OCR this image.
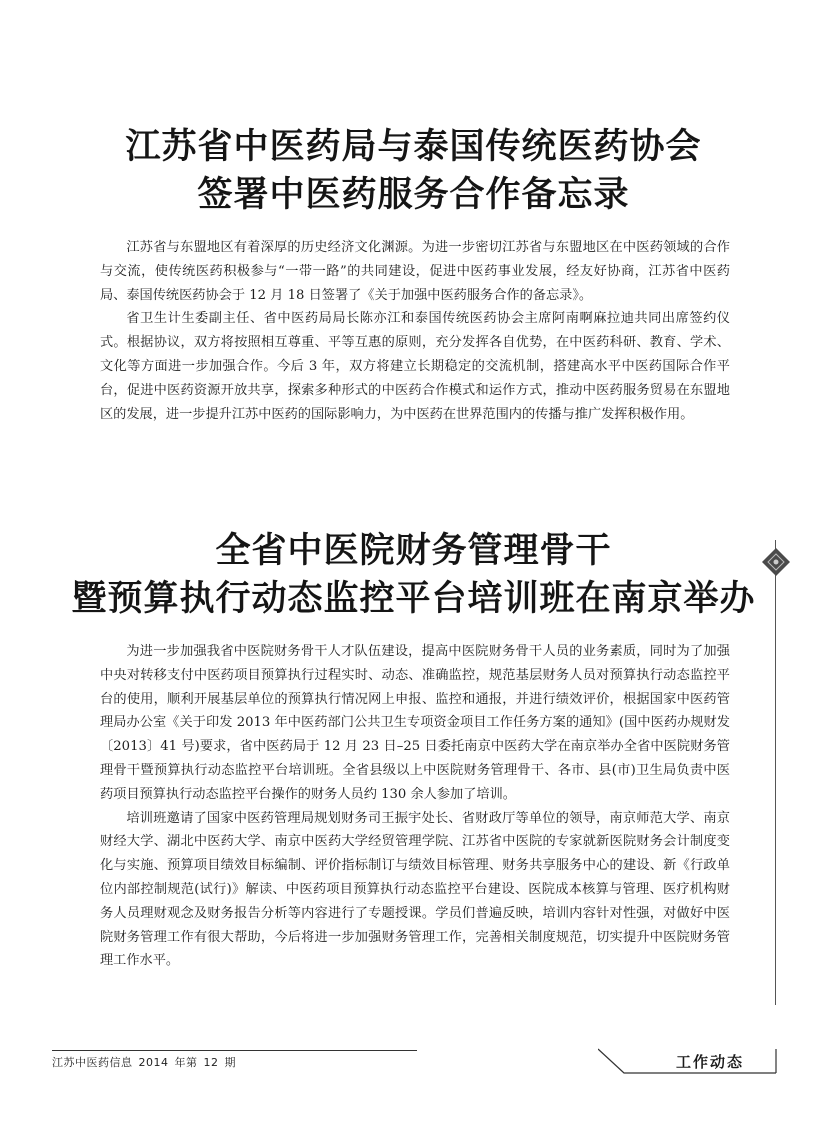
江苏省中医药局与泰国传统医药协会
签署中医药服务合作备忘录

江苏省与东盟地区有着深厚的历史经济文化渊源。为进一步密切江苏省与东盟地区在中医药领域的合作与交流，使传统医药积极参与“一带一路”的共同建设，促进中医药事业发展，经友好协商，江苏省中医药局、泰国传统医药协会于 12 月 18 日签署了《关于加强中医药服务合作的备忘录》。

省卫生计生委副主任、省中医药局局长陈亦江和泰国传统医药协会主席阿南啊麻拉迪共同出席签约仪式。根据协议，双方将按照相互尊重、平等互惠的原则，充分发挥各自优势，在中医药科研、教育、学术、文化等方面进一步加强合作。今后 3 年，双方将建立长期稳定的交流机制，搭建高水平中医药国际合作平台，促进中医药资源开放共享，探索多种形式的中医药合作模式和运作方式，推动中医药服务贸易在东盟地区的发展，进一步提升江苏中医药的国际影响力，为中医药在世界范围内的传播与推广发挥积极作用。

全省中医院财务管理骨干
暨预算执行动态监控平台培训班在南京举办

为进一步加强我省中医院财务骨干人才队伍建设，提高中医院财务骨干人员的业务素质，同时为了加强中央对转移支付中医药项目预算执行过程实时、动态、准确监控，规范基层财务人员对预算执行动态监控平台的使用，顺利开展基层单位的预算执行情况网上申报、监控和通报，并进行绩效评价，根据国家中医药管理局办公室《关于印发 2013 年中医药部门公共卫生专项资金项目工作任务方案的通知》(国中医药办规财发〔2013〕41 号)要求，省中医药局于 12 月 23 日–25 日委托南京中医药大学在南京举办全省中医院财务管理骨干暨预算执行动态监控平台培训班。全省县级以上中医院财务管理骨干、各市、县(市)卫生局负责中医药项目预算执行动态监控平台操作的财务人员约 130 余人参加了培训。

培训班邀请了国家中医药管理局规划财务司王振宇处长、省财政厅等单位的领导，南京师范大学、南京财经大学、湖北中医药大学、南京中医药大学经贸管理学院、江苏省中医院的专家就新医院财务会计制度变化与实施、预算项目绩效目标编制、评价指标制订与绩效目标管理、财务共享服务中心的建设、新《行政单位内部控制规范(试行)》解读、中医药项目预算执行动态监控平台建设、医院成本核算与管理、医疗机构财务人员理财观念及财务报告分析等内容进行了专题授课。学员们普遍反映，培训内容针对性强，对做好中医院财务管理工作有很大帮助，今后将进一步加强财务管理工作，完善相关制度规范，切实提升中医院财务管理工作水平。

江苏中医药信息 2014 年第 12 期	工作动态
